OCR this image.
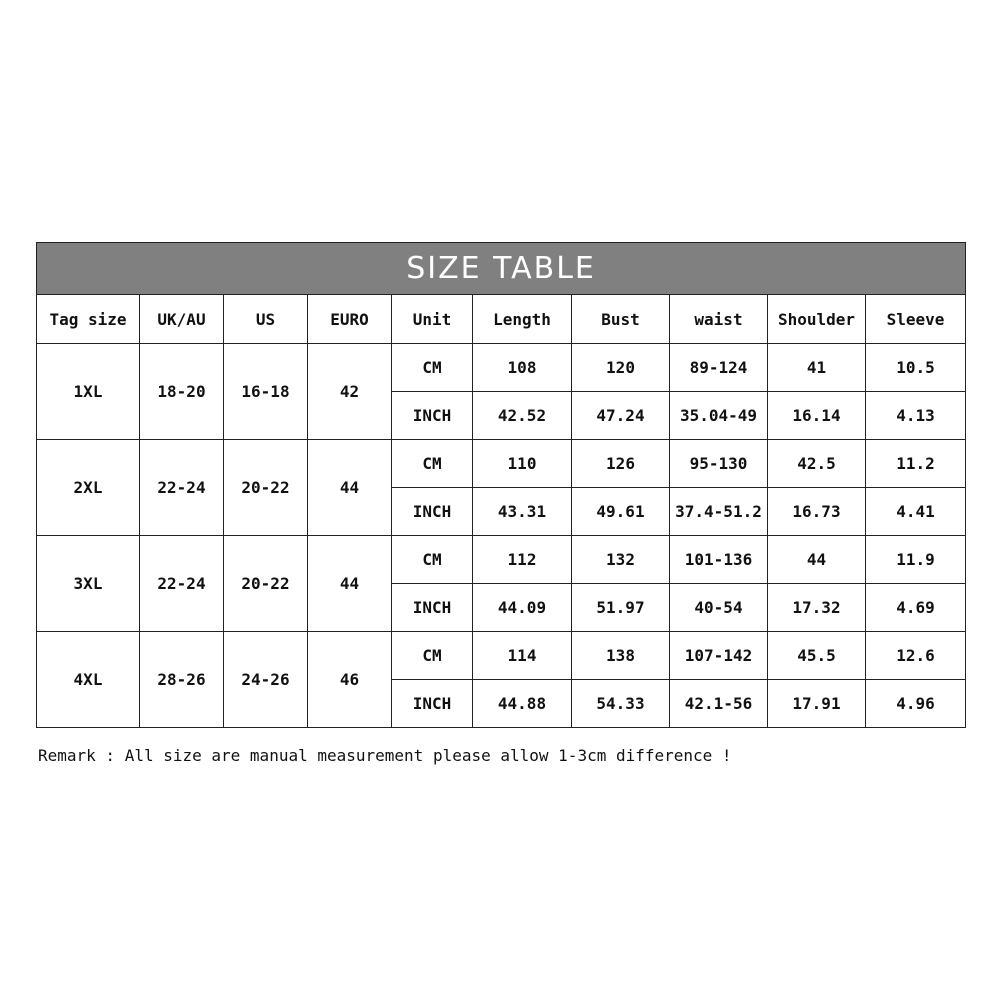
SIZE TABLE									
Tag size	UK/AU	US	EURO	Unit	Length	Bust	waist	Shoulder	Sleeve
1XL	18-20	16-18	42	CM	108	120	89-124	41	10.5
				INCH	42.52	47.24	35.04-49	16.14	4.13
2XL	22-24	20-22	44	CM	110	126	95-130	42.5	11.2
				INCH	43.31	49.61	37.4-51.2	16.73	4.41
3XL	22-24	20-22	44	CM	112	132	101-136	44	11.9
				INCH	44.09	51.97	40-54	17.32	4.69
4XL	28-26	24-26	46	CM	114	138	107-142	45.5	12.6
				INCH	44.88	54.33	42.1-56	17.91	4.96
Remark : All size are manual measurement please allow 1-3cm difference !
